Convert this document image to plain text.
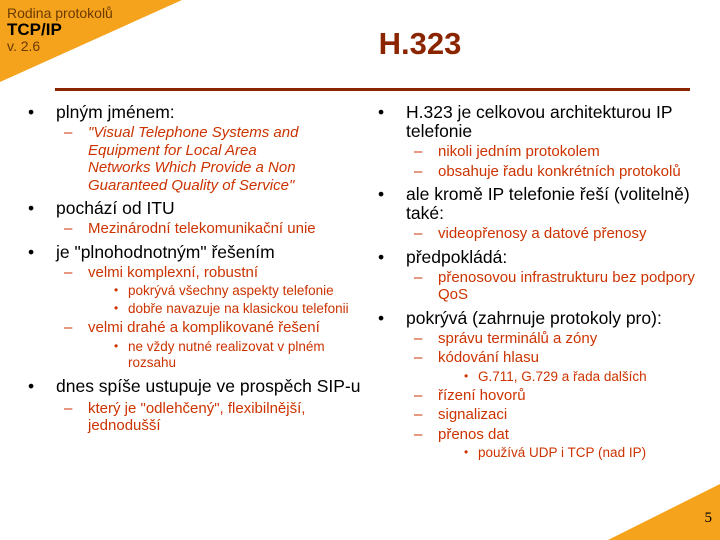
Rodina protokolů
TCP/IP
v. 2.6	H.323
• plným jménem:
– "Visual Telephone Systems and
Equipment for Local Area
Networks Which Provide a Non
Guaranteed Quality of Service"
• pochází od ITU
– Mezinárodní telekomunikační unie
• je "plnohodnotným" řešením
– velmi komplexní, robustní
• pokrývá všechny aspekty telefonie
• dobře navazuje na klasickou telefonii
– velmi drahé a komplikované řešení
• ne vždy nutné realizovat v plném rozsahu
• dnes spíše ustupuje ve prospěch SIP-u
– který je "odlehčený", flexibilnější, jednodušší
• H.323 je celkovou architekturou IP telefonie
– nikoli jedním protokolem
– obsahuje řadu konkrétních protokolů
• ale kromě IP telefonie řeší (volitelně) také:
– videopřenosy a datové přenosy
• předpokládá:
– přenosovou infrastrukturu bez podpory QoS
• pokrývá (zahrnuje protokoly pro):
– správu terminálů a zóny
– kódování hlasu
• G.711, G.729 a řada dalších
– řízení hovorů
– signalizaci
– přenos dat
• používá UDP i TCP (nad IP)
5
